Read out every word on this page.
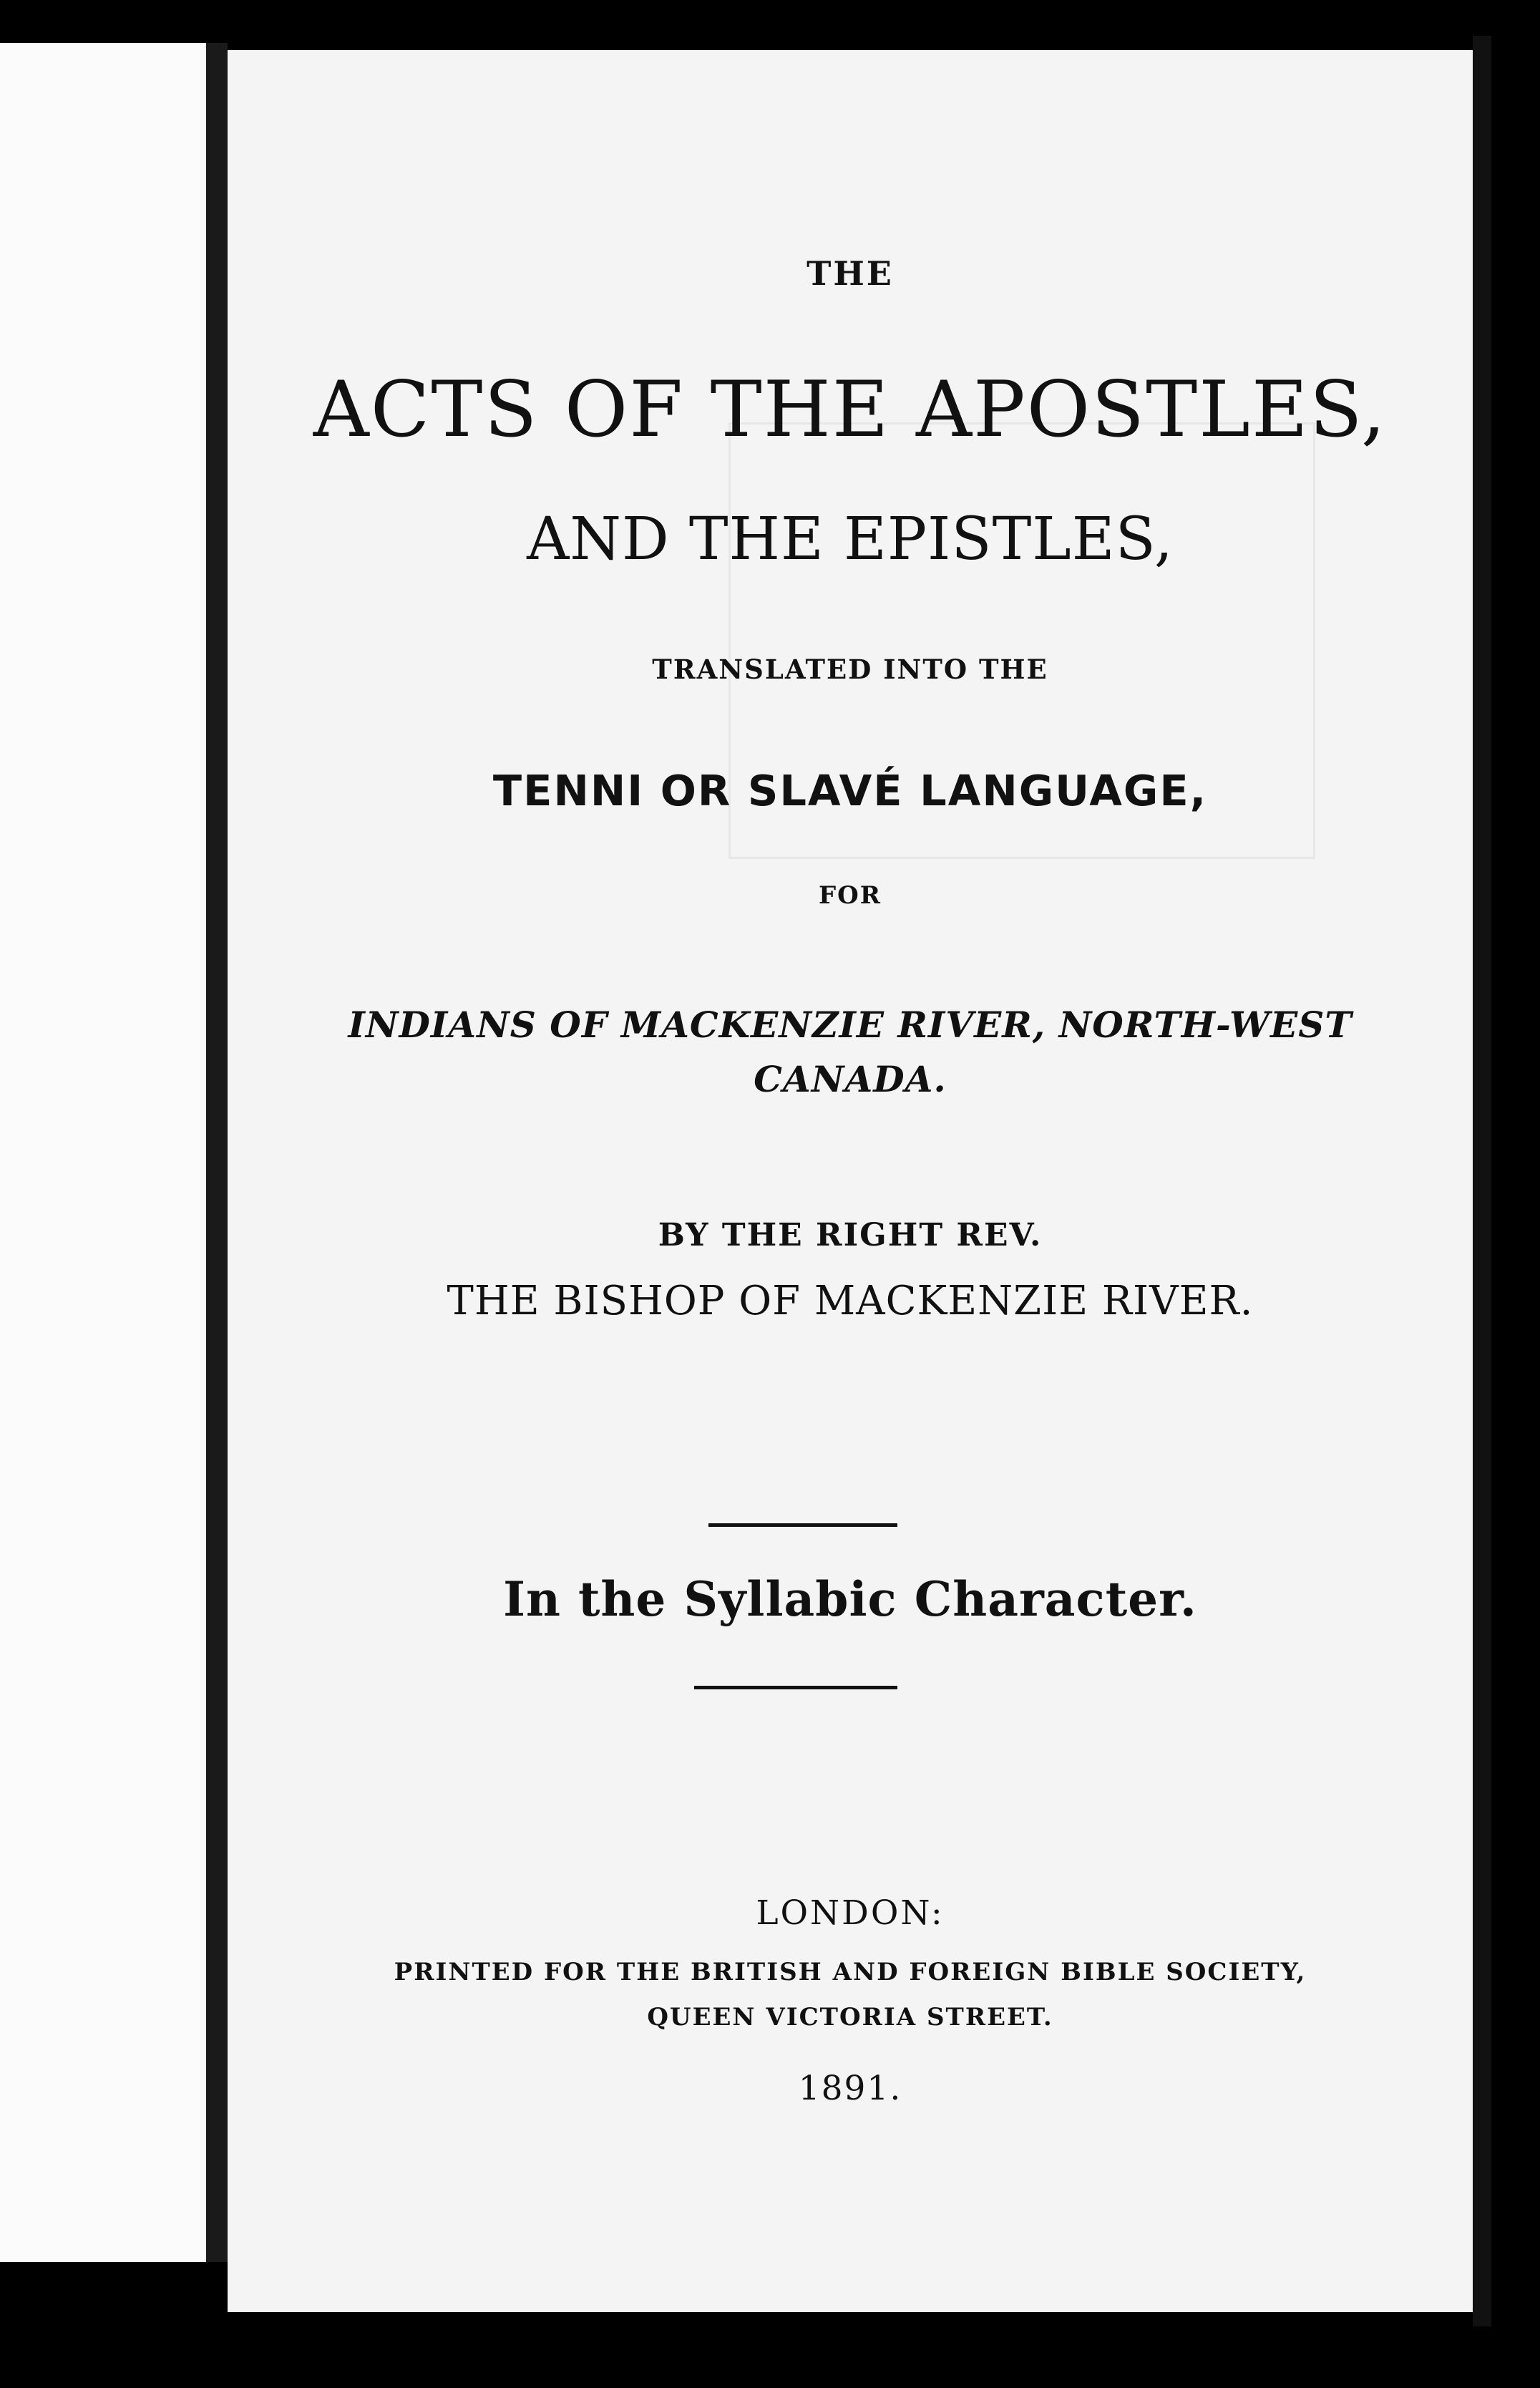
THE
ACTS OF THE APOSTLES,
AND THE EPISTLES,
TRANSLATED INTO THE
TENNI OR SLAVÉ LANGUAGE,
FOR
INDIANS OF MACKENZIE RIVER, NORTH-WEST
CANADA.
BY THE RIGHT REV.
THE BISHOP OF MACKENZIE RIVER.
In the Syllabic Character.
LONDON:
PRINTED FOR THE BRITISH AND FOREIGN BIBLE SOCIETY,
QUEEN VICTORIA STREET.
1891.
